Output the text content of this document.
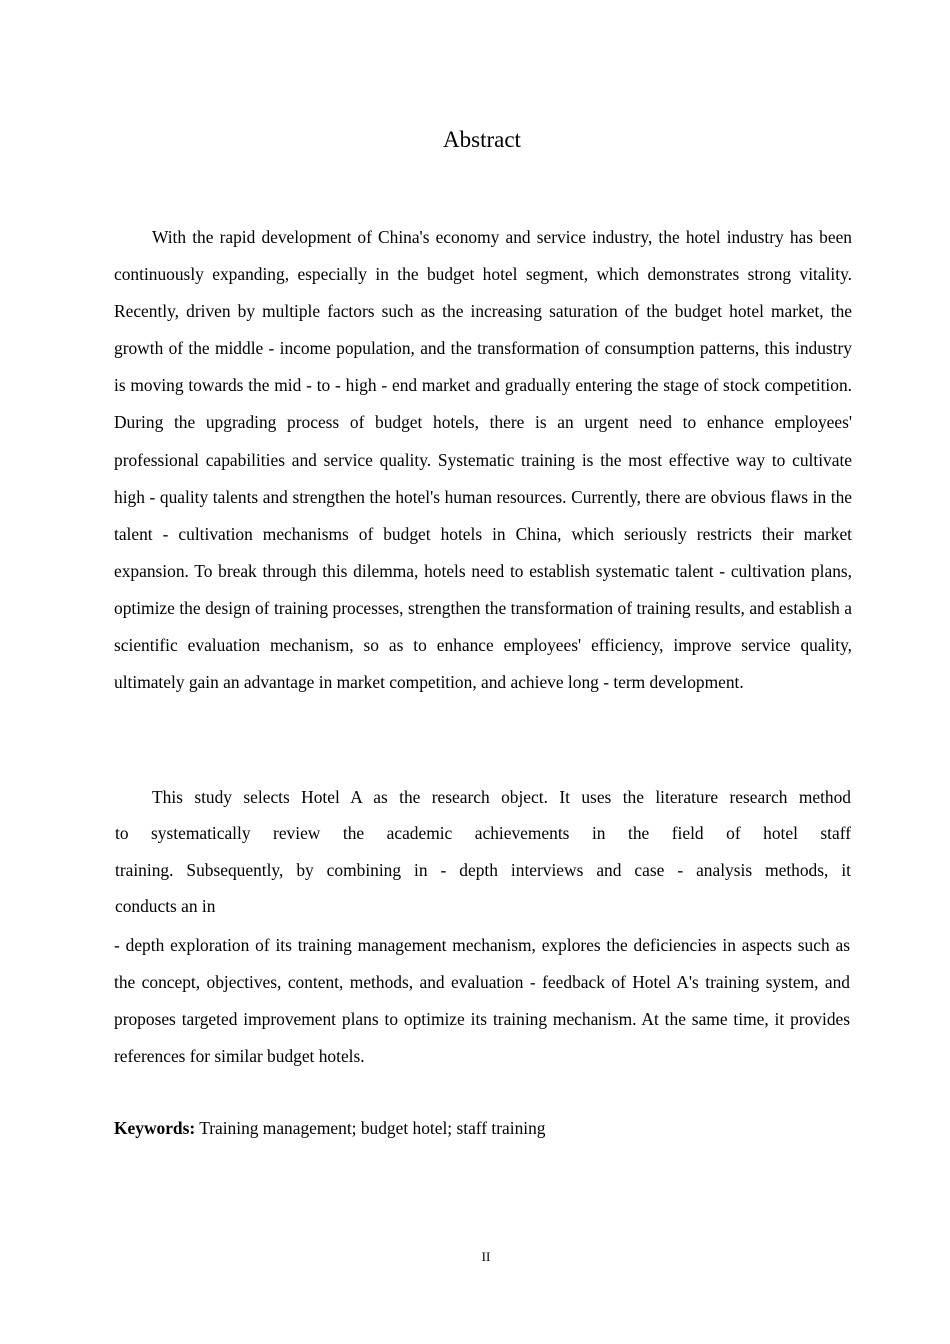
Abstract
With the rapid development of China's economy and service industry, the hotel industry has been continuously expanding, especially in the budget hotel segment, which demonstrates strong vitality. Recently, driven by multiple factors such as the increasing saturation of the budget hotel market, the growth of the middle - income population, and the transformation of consumption patterns, this industry is moving towards the mid - to - high - end market and gradually entering the stage of stock competition. During the upgrading process of budget hotels, there is an urgent need to enhance employees' professional capabilities and service quality. Systematic training is the most effective way to cultivate high - quality talents and strengthen the hotel's human resources. Currently, there are obvious flaws in the talent - cultivation mechanisms of budget hotels in China, which seriously restricts their market expansion. To break through this dilemma, hotels need to establish systematic talent - cultivation plans, optimize the design of training processes, strengthen the transformation of training results, and establish a scientific evaluation mechanism, so as to enhance employees' efficiency, improve service quality, ultimately gain an advantage in market competition, and achieve long - term development.
This study selects Hotel A as the research object. It uses the literature research method
to systematically review the academic achievements in the field of hotel staff
training. Subsequently, by combining in - depth interviews and case - analysis methods, it
conducts an in
- depth exploration of its training management mechanism, explores the deficiencies in aspects such as the concept, objectives, content, methods, and evaluation - feedback of Hotel A's training system, and proposes targeted improvement plans to optimize its training mechanism. At the same time, it provides references for similar budget hotels.
Keywords: Training management; budget hotel; staff training
II
